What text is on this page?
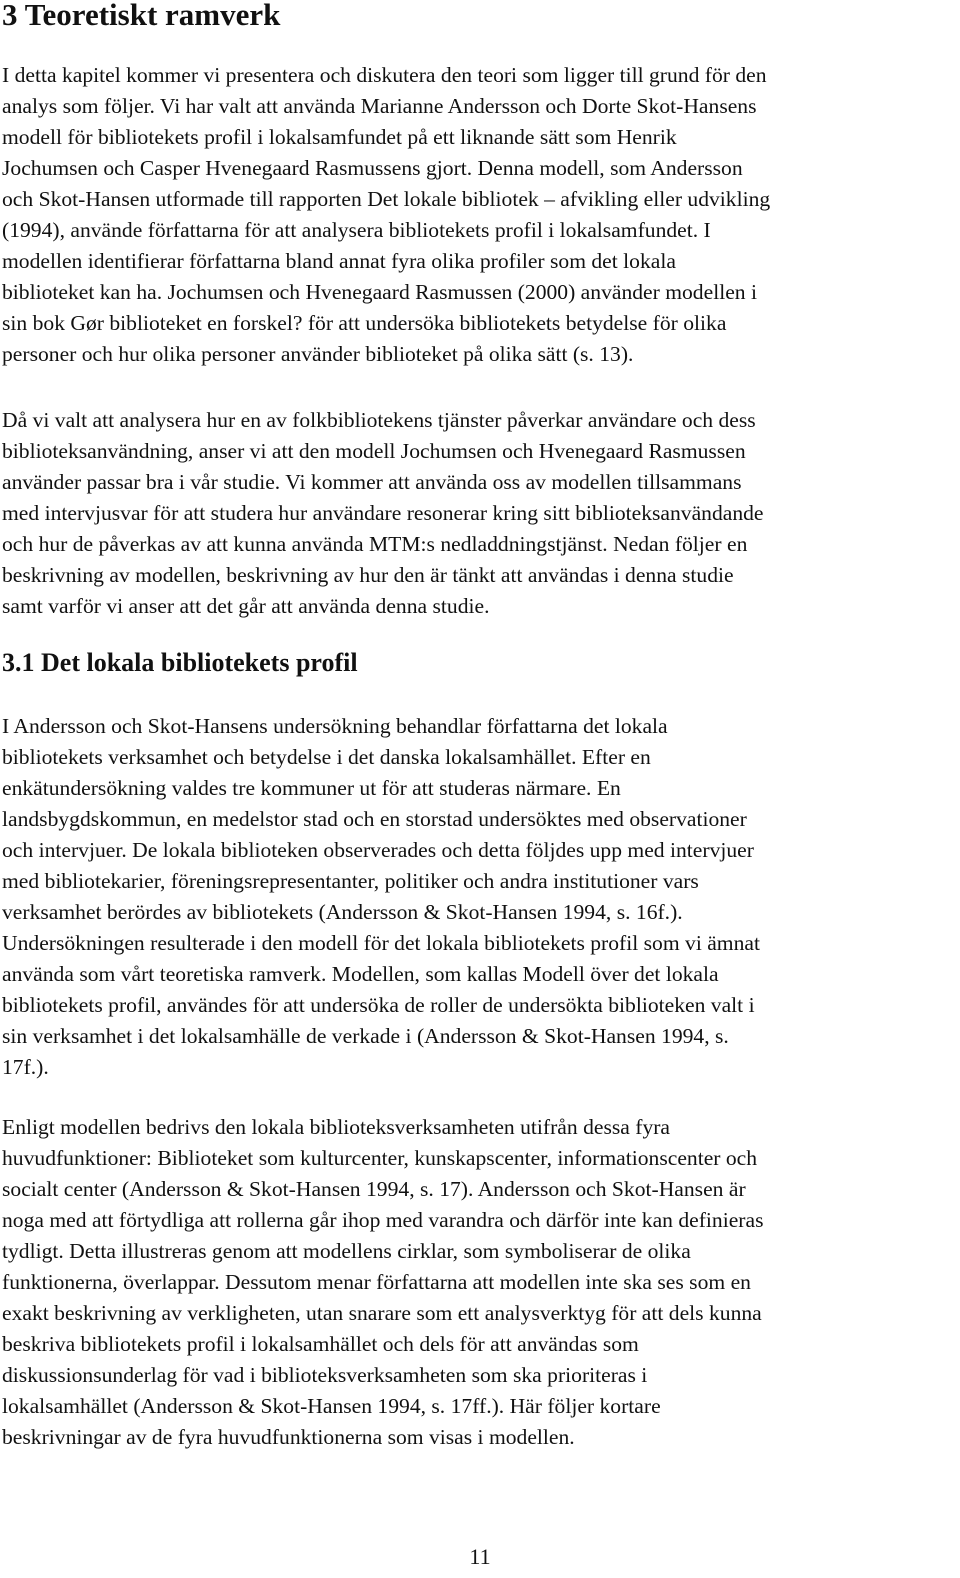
3 Teoretiskt ramverk
I detta kapitel kommer vi presentera och diskutera den teori som ligger till grund för den
analys som följer. Vi har valt att använda Marianne Andersson och Dorte Skot-Hansens
modell för bibliotekets profil i lokalsamfundet på ett liknande sätt som Henrik
Jochumsen och Casper Hvenegaard Rasmussens gjort. Denna modell, som Andersson
och Skot-Hansen utformade till rapporten Det lokale bibliotek – afvikling eller udvikling
(1994), använde författarna för att analysera bibliotekets profil i lokalsamfundet. I
modellen identifierar författarna bland annat fyra olika profiler som det lokala
biblioteket kan ha. Jochumsen och Hvenegaard Rasmussen (2000) använder modellen i
sin bok Gør biblioteket en forskel? för att undersöka bibliotekets betydelse för olika
personer och hur olika personer använder biblioteket på olika sätt (s. 13).
Då vi valt att analysera hur en av folkbibliotekens tjänster påverkar användare och dess
biblioteksanvändning, anser vi att den modell Jochumsen och Hvenegaard Rasmussen
använder passar bra i vår studie. Vi kommer att använda oss av modellen tillsammans
med intervjusvar för att studera hur användare resonerar kring sitt biblioteksanvändande
och hur de påverkas av att kunna använda MTM:s nedladdningstjänst. Nedan följer en
beskrivning av modellen, beskrivning av hur den är tänkt att användas i denna studie
samt varför vi anser att det går att använda denna studie.
3.1 Det lokala bibliotekets profil
I Andersson och Skot-Hansens undersökning behandlar författarna det lokala
bibliotekets verksamhet och betydelse i det danska lokalsamhället. Efter en
enkätundersökning valdes tre kommuner ut för att studeras närmare. En
landsbygdskommun, en medelstor stad och en storstad undersöktes med observationer
och intervjuer. De lokala biblioteken observerades och detta följdes upp med intervjuer
med bibliotekarier, föreningsrepresentanter, politiker och andra institutioner vars
verksamhet berördes av bibliotekets (Andersson & Skot-Hansen 1994, s. 16f.).
Undersökningen resulterade i den modell för det lokala bibliotekets profil som vi ämnat
använda som vårt teoretiska ramverk. Modellen, som kallas Modell över det lokala
bibliotekets profil, användes för att undersöka de roller de undersökta biblioteken valt i
sin verksamhet i det lokalsamhälle de verkade i (Andersson & Skot-Hansen 1994, s.
17f.).
Enligt modellen bedrivs den lokala biblioteksverksamheten utifrån dessa fyra
huvudfunktioner: Biblioteket som kulturcenter, kunskapscenter, informationscenter och
socialt center (Andersson & Skot-Hansen 1994, s. 17). Andersson och Skot-Hansen är
noga med att förtydliga att rollerna går ihop med varandra och därför inte kan definieras
tydligt. Detta illustreras genom att modellens cirklar, som symboliserar de olika
funktionerna, överlappar. Dessutom menar författarna att modellen inte ska ses som en
exakt beskrivning av verkligheten, utan snarare som ett analysverktyg för att dels kunna
beskriva bibliotekets profil i lokalsamhället och dels för att användas som
diskussionsunderlag för vad i biblioteksverksamheten som ska prioriteras i
lokalsamhället (Andersson & Skot-Hansen 1994, s. 17ff.). Här följer kortare
beskrivningar av de fyra huvudfunktionerna som visas i modellen.
11
